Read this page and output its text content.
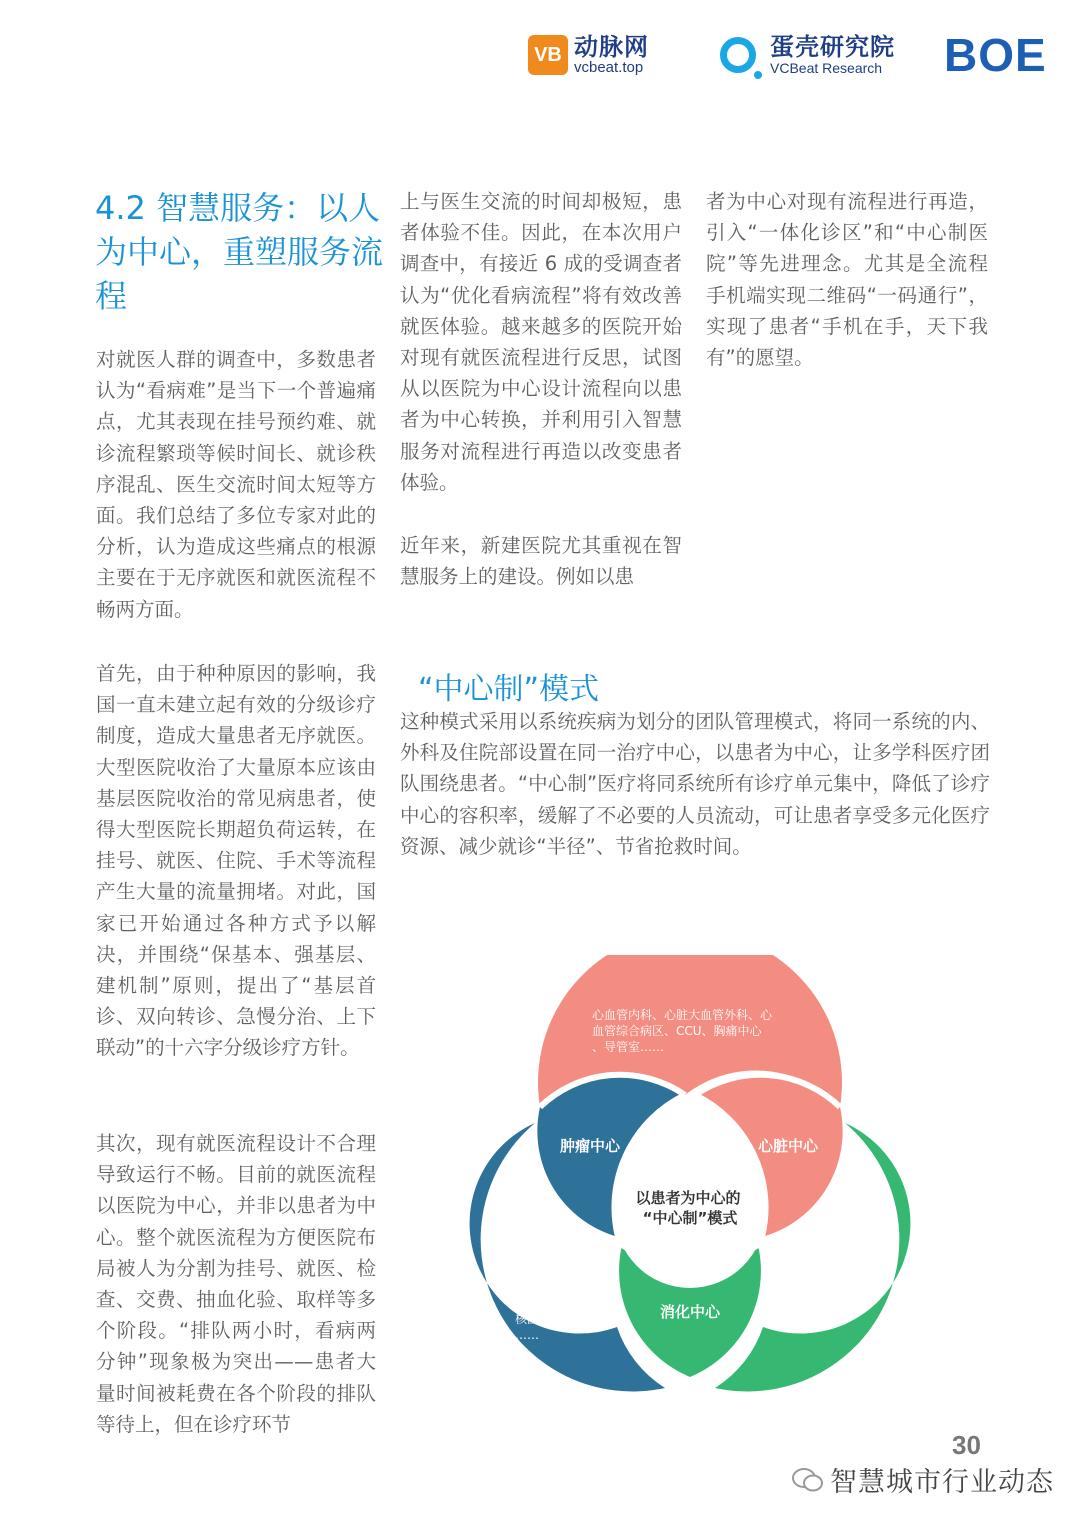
VB 动脉网
vcbeat.top
蛋壳研究院
VCBeat Research BOE
4.2 智慧服务：以人为中心，重塑服务流程

对就医人群的调查中，多数患者认为“看病难”是当下一个普遍痛点，尤其表现在挂号预约难、就诊流程繁琐等候时间长、就诊秩序混乱、医生交流时间太短等方面。我们总结了多位专家对此的分析，认为造成这些痛点的根源主要在于无序就医和就医流程不畅两方面。

首先，由于种种原因的影响，我国一直未建立起有效的分级诊疗制度，造成大量患者无序就医。大型医院收治了大量原本应该由基层医院收治的常见病患者，使得大型医院长期超负荷运转，在挂号、就医、住院、手术等流程产生大量的流量拥堵。对此，国家已开始通过各种方式予以解决，并围绕“保基本、强基层、建机制”原则，提出了“基层首诊、双向转诊、急慢分治、上下联动”的十六字分级诊疗方针。

其次，现有就医流程设计不合理导致运行不畅。目前的就医流程以医院为中心，并非以患者为中心。整个就医流程为方便医院布局被人为分割为挂号、就医、检查、交费、抽血化验、取样等多个阶段。“排队两小时，看病两分钟”现象极为突出——患者大量时间被耗费在各个阶段的排队等待上，但在诊疗环节

上与医生交流的时间却极短，患者体验不佳。因此，在本次用户调查中，有接近 6 成的受调查者认为“优化看病流程”将有效改善就医体验。越来越多的医院开始对现有就医流程进行反思，试图从以医院为中心设计流程向以患者为中心转换，并利用引入智慧服务对流程进行再造以改变患者体验。

近年来，新建医院尤其重视在智慧服务上的建设。例如以患

者为中心对现有流程进行再造，引入“一体化诊区”和“中心制医院”等先进理念。尤其是全流程手机端实现二维码“一码通行”，实现了患者“手机在手，天下我有”的愿望。

“中心制”模式

这种模式采用以系统疾病为划分的团队管理模式，将同一系统的内、外科及住院部设置在同一治疗中心，以患者为中心，让多学科医疗团队围绕患者。“中心制”医疗将同系统所有诊疗单元集中，降低了诊疗中心的容积率，缓解了不必要的人员流动，可让患者享受多元化医疗资源、减少就诊“半径”、节省抢救时间。

以患者为中心的
“中心制”模式
肿瘤中心	心脏中心
消化中心
心血管内科、心脏大血管外科、心
血管综合病区、CCU、胸痛中心
、导管室……
肿瘤病区
核医学病区
放疗病区
血液内科
放疗科
核医学科
……
消化内科
普外胃肠病区
普外肝胆病区
普外胰腺病区
内镜中心
……
30
智慧城市行业动态
